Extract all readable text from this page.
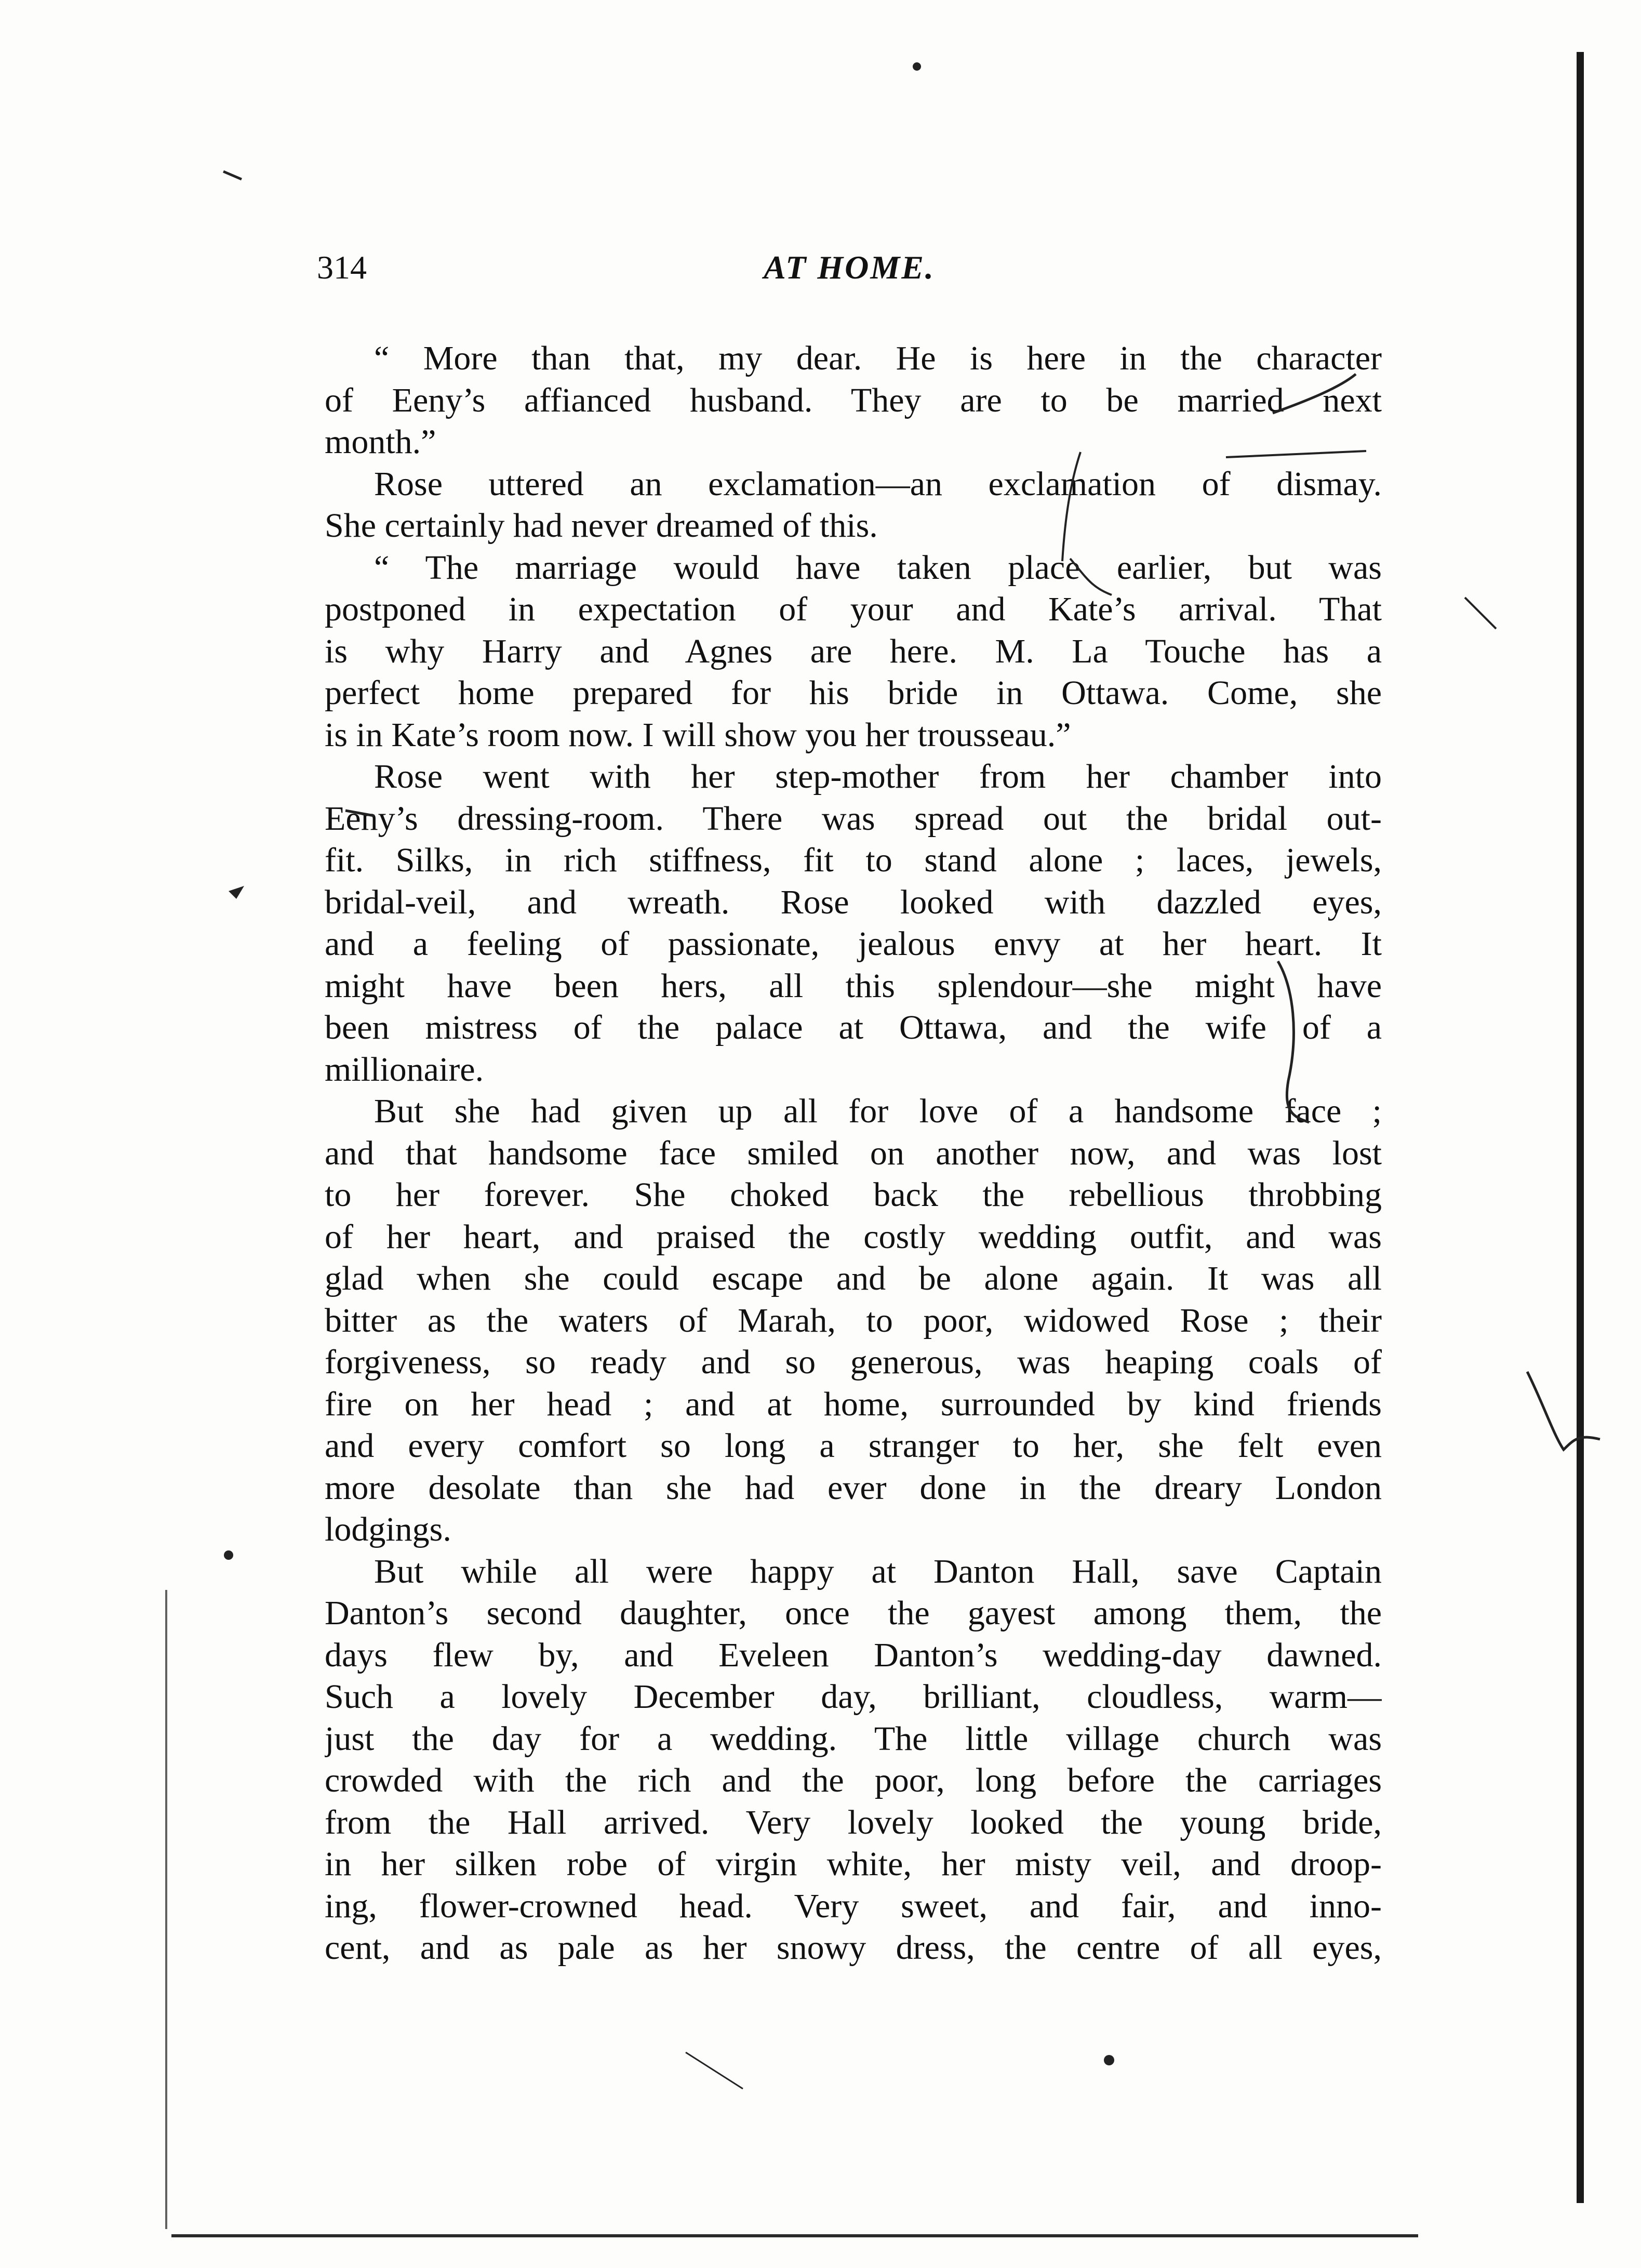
314	AT HOME.
“ More than that, my dear. He is here in the character
of Eeny’s affianced husband. They are to be married next
month.”
Rose uttered an exclamation—an exclamation of dismay.
She certainly had never dreamed of this.
“ The marriage would have taken place earlier, but was
postponed in expectation of your and Kate’s arrival. That
is why Harry and Agnes are here. M. La Touche has a
perfect home prepared for his bride in Ottawa. Come, she
is in Kate’s room now. I will show you her trousseau.”
Rose went with her step-mother from her chamber into
Eeny’s dressing-room. There was spread out the bridal out-
fit. Silks, in rich stiffness, fit to stand alone ; laces, jewels,
bridal-veil, and wreath. Rose looked with dazzled eyes,
and a feeling of passionate, jealous envy at her heart. It
might have been hers, all this splendour—she might have
been mistress of the palace at Ottawa, and the wife of a
millionaire.
But she had given up all for love of a handsome face ;
and that handsome face smiled on another now, and was lost
to her forever. She choked back the rebellious throbbing
of her heart, and praised the costly wedding outfit, and was
glad when she could escape and be alone again. It was all
bitter as the waters of Marah, to poor, widowed Rose ; their
forgiveness, so ready and so generous, was heaping coals of
fire on her head ; and at home, surrounded by kind friends
and every comfort so long a stranger to her, she felt even
more desolate than she had ever done in the dreary London
lodgings.
But while all were happy at Danton Hall, save Captain
Danton’s second daughter, once the gayest among them, the
days flew by, and Eveleen Danton’s wedding-day dawned.
Such a lovely December day, brilliant, cloudless, warm—
just the day for a wedding. The little village church was
crowded with the rich and the poor, long before the carriages
from the Hall arrived. Very lovely looked the young bride,
in her silken robe of virgin white, her misty veil, and droop-
ing, flower-crowned head. Very sweet, and fair, and inno-
cent, and as pale as her snowy dress, the centre of all eyes,
